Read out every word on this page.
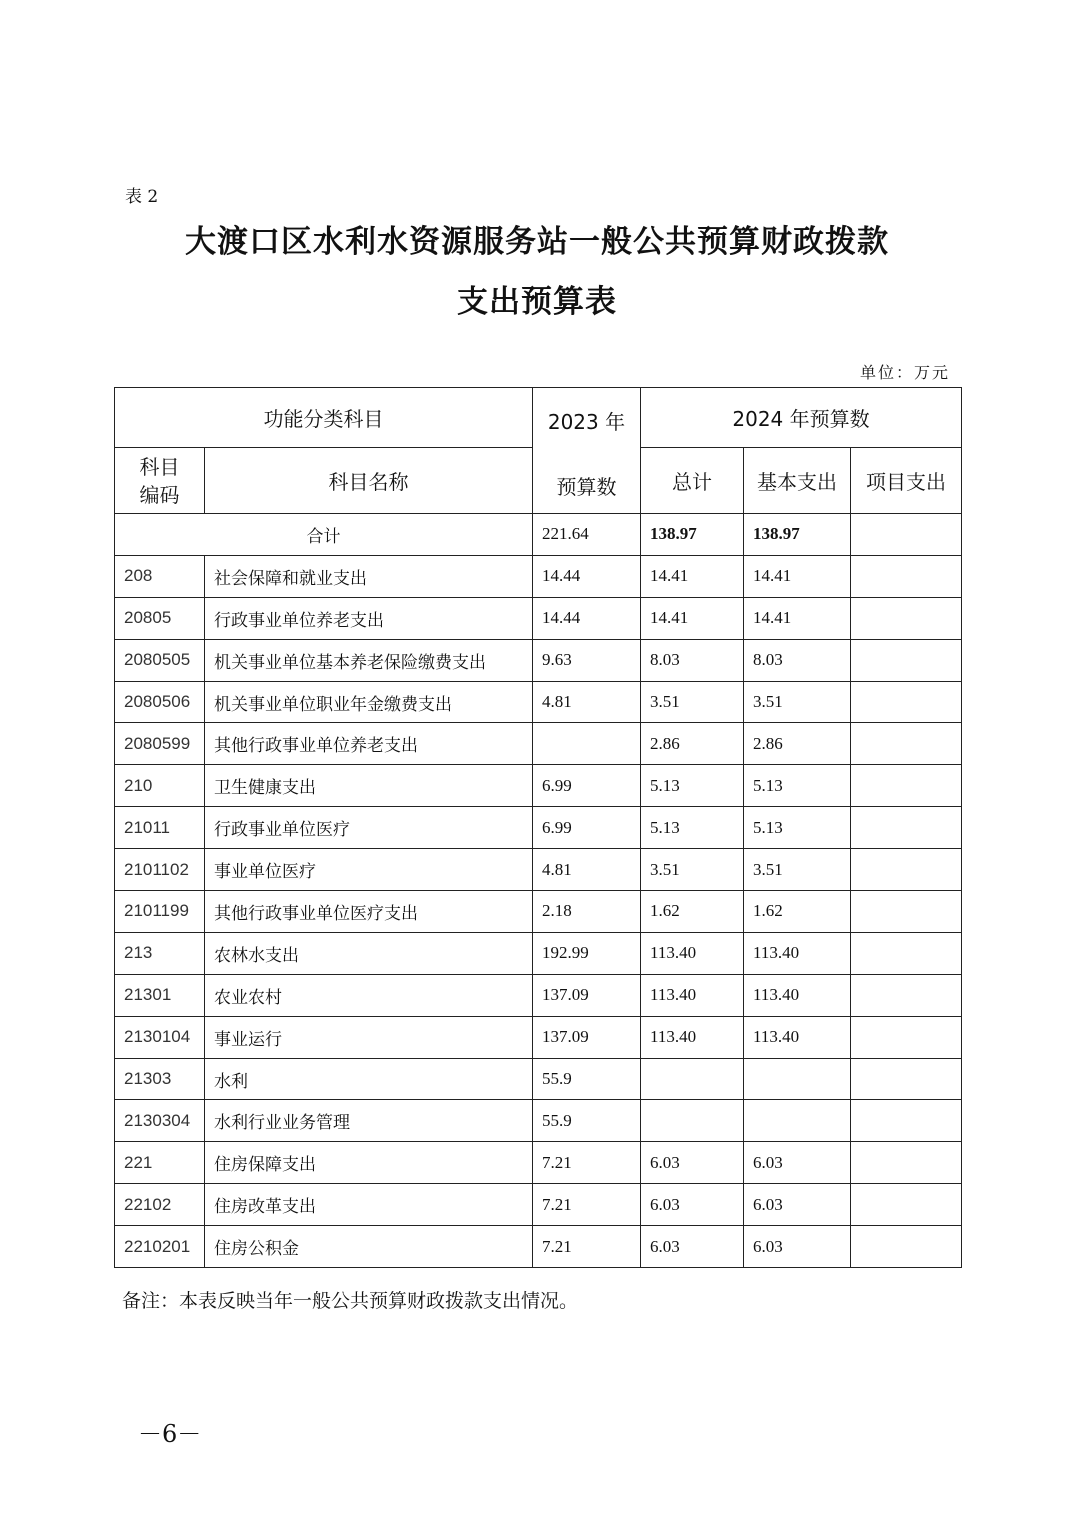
表 2
大渡口区水利水资源服务站一般公共预算财政拨款
支出预算表
单位：万元
功能分类科目		2023 年
预算数	2024 年预算数		
科目编码	科目名称		总计	基本支出	项目支出
合计		221.64	138.97	138.97	
208	社会保障和就业支出	14.44	14.41	14.41	
20805	行政事业单位养老支出	14.44	14.41	14.41	
2080505	机关事业单位基本养老保险缴费支出	9.63	8.03	8.03	
2080506	机关事业单位职业年金缴费支出	4.81	3.51	3.51	
2080599	其他行政事业单位养老支出		2.86	2.86	
210	卫生健康支出	6.99	5.13	5.13	
21011	行政事业单位医疗	6.99	5.13	5.13	
2101102	事业单位医疗	4.81	3.51	3.51	
2101199	其他行政事业单位医疗支出	2.18	1.62	1.62	
213	农林水支出	192.99	113.40	113.40	
21301	农业农村	137.09	113.40	113.40	
2130104	事业运行	137.09	113.40	113.40	
21303	水利	55.9			
2130304	水利行业业务管理	55.9			
221	住房保障支出	7.21	6.03	6.03	
22102	住房改革支出	7.21	6.03	6.03	
2210201	住房公积金	7.21	6.03	6.03	
备注：本表反映当年一般公共预算财政拨款支出情况。
－6－
